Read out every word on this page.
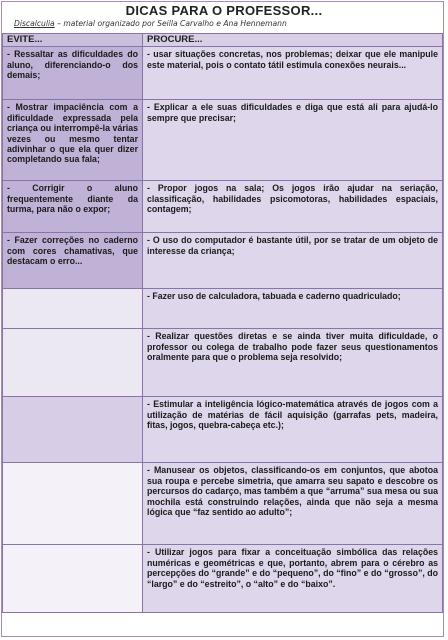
DICAS PARA O PROFESSOR...
Discalculia – material organizado por Seilla Carvalho e Ana Hennemann
EVITE...	PROCURE...
- Ressaltar as dificuldades do aluno, diferenciando-o dos demais;	- usar situações concretas, nos problemas; deixar que ele manipule este material, pois o contato tátil estimula conexões neurais...
- Mostrar impaciência com a dificuldade expressada pela criança ou interrompê-la várias vezes ou mesmo tentar adivinhar o que ela quer dizer completando sua fala;	- Explicar a ele suas dificuldades e diga que está ali para ajudá-lo sempre que precisar;
- Corrigir o aluno frequentemente diante da turma, para não o expor;	- Propor jogos na sala; Os jogos irão ajudar na seriação, classificação, habilidades psicomotoras, habilidades espaciais, contagem;
- Fazer correções no caderno com cores chamativas, que destacam o erro...	- O uso do computador é bastante útil, por se tratar de um objeto de interesse da criança;
	- Fazer uso de calculadora, tabuada e caderno quadriculado;
	- Realizar questões diretas e se ainda tiver muita dificuldade, o professor ou colega de trabalho pode fazer seus questionamentos oralmente para que o problema seja resolvido;
	- Estimular a inteligência lógico-matemática através de jogos com a utilização de matérias de fácil aquisição (garrafas pets, madeira, fitas, jogos, quebra-cabeça etc.);
	- Manusear os objetos, classificando-os em conjuntos, que abotoa sua roupa e percebe simetria, que amarra seu sapato e descobre os percursos do cadarço, mas também a que “arruma” sua mesa ou sua mochila está construindo relações, ainda que não seja a mesma lógica que “faz sentido ao adulto”;
	- Utilizar jogos para fixar a conceituação simbólica das relações numéricas e geométricas e que, portanto, abrem para o cérebro as percepções do “grande” e do “pequeno”, do “fino” e do “grosso”, do “largo” e do “estreito”, o “alto” e do “baixo”.
